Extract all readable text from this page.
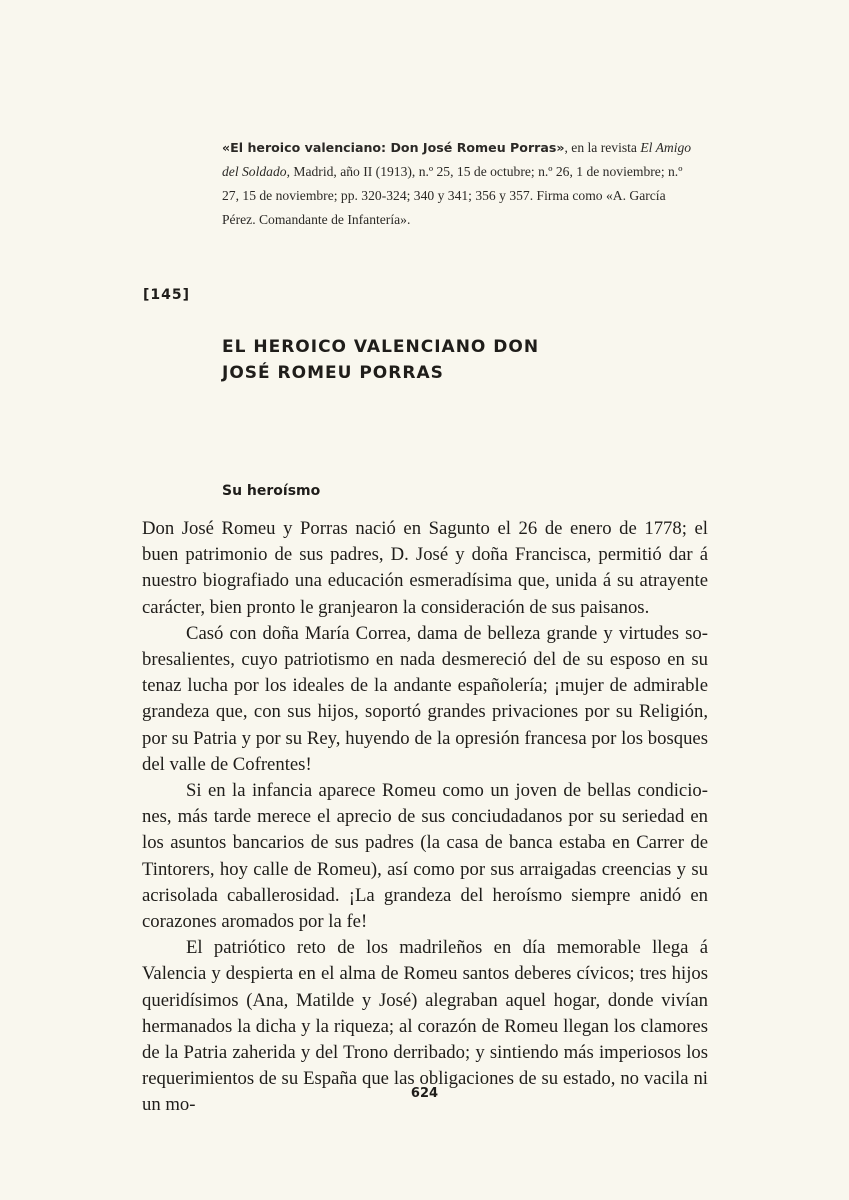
«El heroico valenciano: Don José Romeu Porras», en la revista El Amigo del Soldado, Madrid, año II (1913), n.º 25, 15 de octubre; n.º 26, 1 de noviembre; n.º 27, 15 de noviembre; pp. 320-324; 340 y 341; 356 y 357. Firma como «A. García Pérez. Comandante de Infantería».
[145]
EL HEROICO VALENCIANO DON
JOSÉ ROMEU PORRAS
Su heroísmo

Don José Romeu y Porras nació en Sagunto el 26 de enero de 1778; el buen patrimonio de sus padres, D. José y doña Francisca, permitió dar á nuestro biografiado una educación esmeradísima que, unida á su atrayente carácter, bien pronto le granjearon la consideración de sus paisanos.

Casó con doña María Correa, dama de belleza grande y virtudes sobresalientes, cuyo patriotismo en nada desmereció del de su esposo en su tenaz lucha por los ideales de la andante españolería; ¡mujer de admirable grandeza que, con sus hijos, soportó grandes privaciones por su Religión, por su Patria y por su Rey, huyendo de la opresión francesa por los bosques del valle de Cofrentes!

Si en la infancia aparece Romeu como un joven de bellas condiciones, más tarde merece el aprecio de sus conciudadanos por su seriedad en los asuntos bancarios de sus padres (la casa de banca estaba en Carrer de Tintorers, hoy calle de Romeu), así como por sus arraigadas creencias y su acrisolada caballerosidad. ¡La grandeza del heroísmo siempre anidó en corazones aromados por la fe!

El patriótico reto de los madrileños en día memorable llega á Valencia y despierta en el alma de Romeu santos deberes cívicos; tres hijos queridísimos (Ana, Matilde y José) alegraban aquel hogar, donde vivían hermanados la dicha y la riqueza; al corazón de Romeu llegan los clamores de la Patria zaherida y del Trono derribado; y sintiendo más imperiosos los requerimientos de su España que las obligaciones de su estado, no vacila ni un mo-

624
